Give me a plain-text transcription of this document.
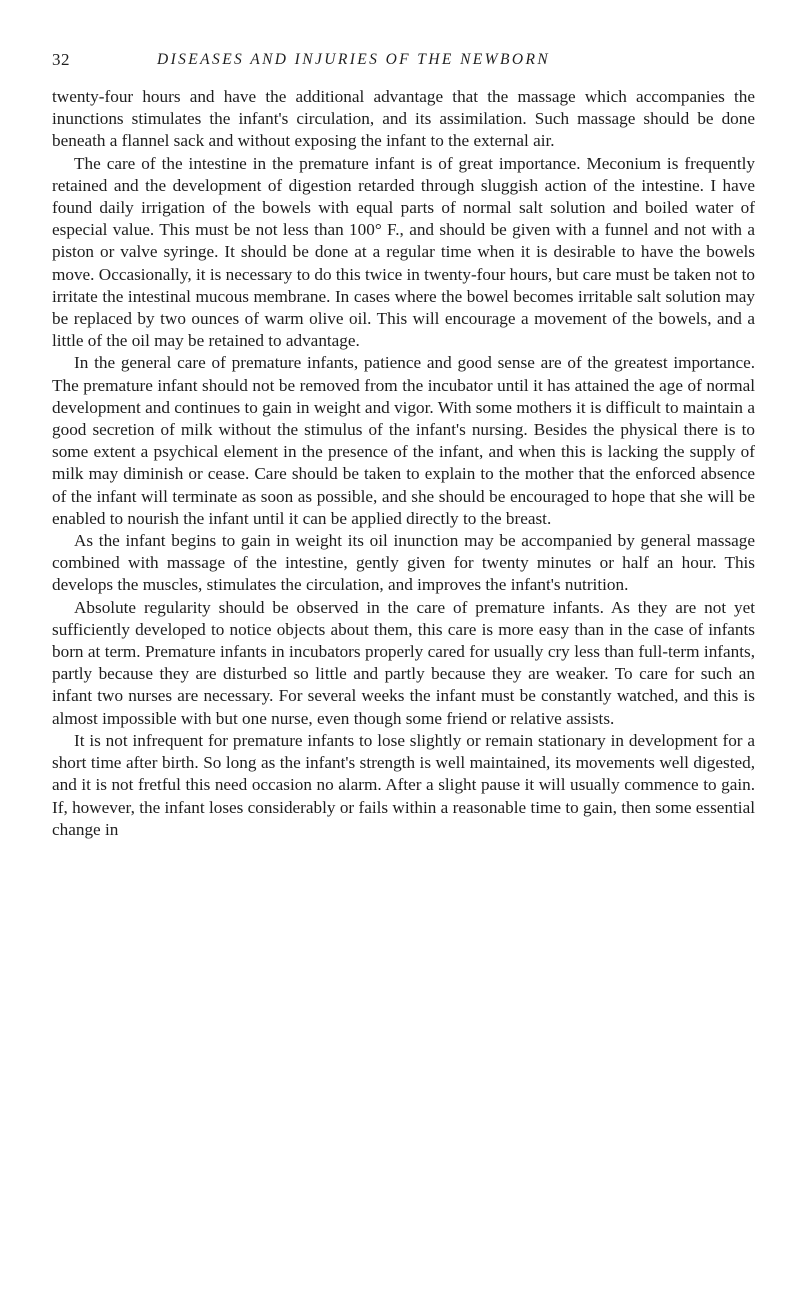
32	DISEASES AND INJURIES OF THE NEWBORN

twenty-four hours and have the additional advantage that the massage which accompanies the inunctions stimulates the infant's circulation, and its assimilation. Such massage should be done beneath a flannel sack and without exposing the infant to the external air.

The care of the intestine in the premature infant is of great importance. Meconium is frequently retained and the development of digestion retarded through sluggish action of the intestine. I have found daily irrigation of the bowels with equal parts of normal salt solution and boiled water of especial value. This must be not less than 100° F., and should be given with a funnel and not with a piston or valve syringe. It should be done at a regular time when it is desirable to have the bowels move. Occasionally, it is necessary to do this twice in twenty-four hours, but care must be taken not to irritate the intestinal mucous membrane. In cases where the bowel becomes irritable salt solution may be replaced by two ounces of warm olive oil. This will encourage a movement of the bowels, and a little of the oil may be retained to advantage.

In the general care of premature infants, patience and good sense are of the greatest importance. The premature infant should not be removed from the incubator until it has attained the age of normal development and continues to gain in weight and vigor. With some mothers it is difficult to maintain a good secretion of milk without the stimulus of the infant's nursing. Besides the physical there is to some extent a psychical element in the presence of the infant, and when this is lacking the supply of milk may diminish or cease. Care should be taken to explain to the mother that the enforced absence of the infant will terminate as soon as possible, and she should be encouraged to hope that she will be enabled to nourish the infant until it can be applied directly to the breast.

As the infant begins to gain in weight its oil inunction may be accompanied by general massage combined with massage of the intestine, gently given for twenty minutes or half an hour. This develops the muscles, stimulates the circulation, and improves the infant's nutrition.

Absolute regularity should be observed in the care of premature infants. As they are not yet sufficiently developed to notice objects about them, this care is more easy than in the case of infants born at term. Premature infants in incubators properly cared for usually cry less than full-term infants, partly because they are disturbed so little and partly because they are weaker. To care for such an infant two nurses are necessary. For several weeks the infant must be constantly watched, and this is almost impossible with but one nurse, even though some friend or relative assists.

It is not infrequent for premature infants to lose slightly or remain stationary in development for a short time after birth. So long as the infant's strength is well maintained, its movements well digested, and it is not fretful this need occasion no alarm. After a slight pause it will usually commence to gain. If, however, the infant loses considerably or fails within a reasonable time to gain, then some essential change in
